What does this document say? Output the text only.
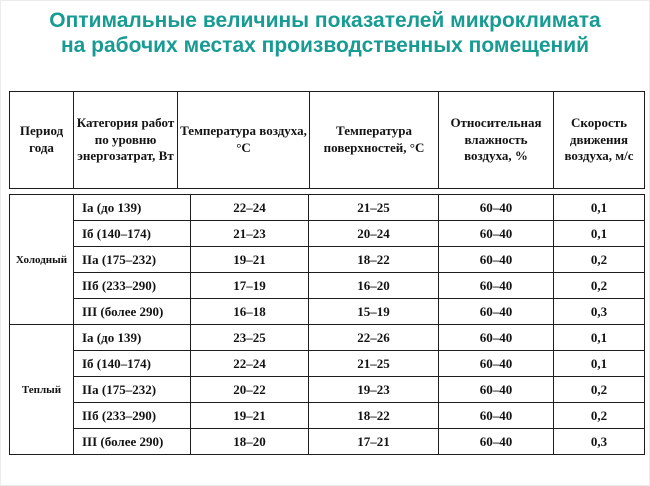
Оптимальные величины показателей микроклимата
на рабочих местах производственных помещений
Период года	Категория работ по уровню энергозатрат, Вт	Температура воздуха, °С	Температура поверхностей, °С	Относительная влажность воздуха, %	Скорость движения воздуха, м/с
Холодный	Iа (до 139)	22–24	21–25	60–40	0,1
	Iб (140–174)	21–23	20–24	60–40	0,1
	IIа (175–232)	19–21	18–22	60–40	0,2
	IIб (233–290)	17–19	16–20	60–40	0,2
	III (более 290)	16–18	15–19	60–40	0,3
Теплый	Iа (до 139)	23–25	22–26	60–40	0,1
	Iб (140–174)	22–24	21–25	60–40	0,1
	IIа (175–232)	20–22	19–23	60–40	0,2
	IIб (233–290)	19–21	18–22	60–40	0,2
	III (более 290)	18–20	17–21	60–40	0,3
